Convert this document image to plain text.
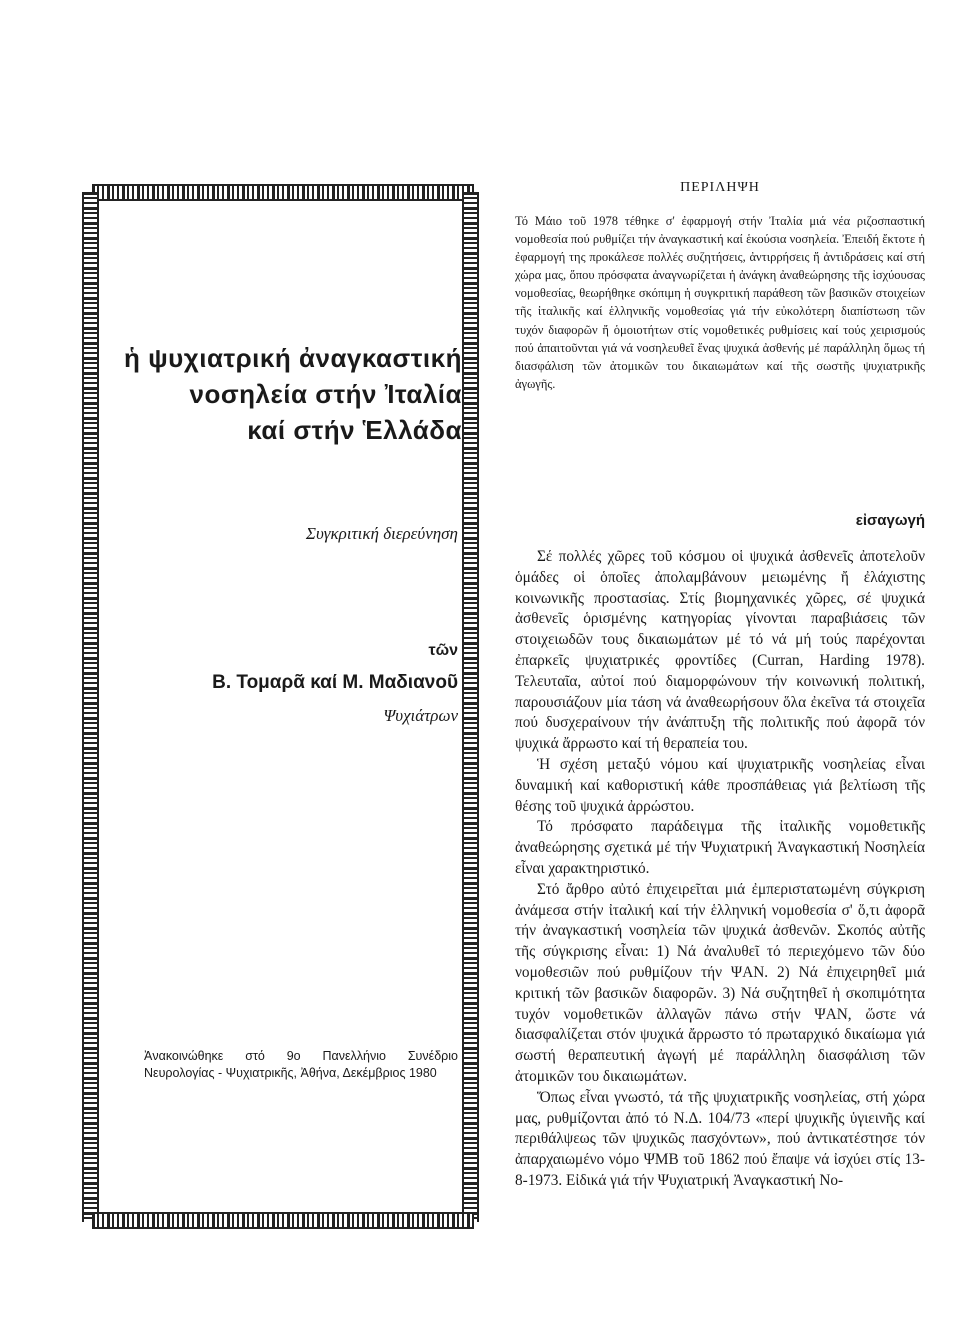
ἡ ψυχιατρική ἀναγκαστική
νοσηλεία στήν Ἰταλία
καί στήν Ἑλλάδα
Συγκριτική διερεύνηση
τῶν
Β. Τομαρᾶ καί Μ. Μαδιανοῦ
Ψυχιάτρων
Ἀνακοινώθηκε στό 9ο Πανελλήνιο Συνέδριο Νευρολογίας - Ψυχιατρικῆς, Ἀθήνα, Δεκέμβριος 1980
ΠΕΡΙΛΗΨΗ
Τό Μάιο τοῦ 1978 τέθηκε σ' ἐφαρμογή στήν Ἰταλία μιά νέα ριζοσπαστική νομοθεσία πού ρυθμίζει τήν ἀναγκαστική καί ἑκούσια νοσηλεία. Ἐπειδή ἔκτοτε ἡ ἐφαρμογή της προκάλεσε πολλές συζητήσεις, ἀντιρρήσεις ἤ ἀντιδράσεις καί στή χώρα μας, ὅπου πρόσφατα ἀναγνωρίζεται ἡ ἀνάγκη ἀναθεώρησης τῆς ἰσχύουσας νομοθεσίας, θεωρήθηκε σκόπιμη ἡ συγκριτική παράθεση τῶν βασικῶν στοιχείων τῆς ἰταλικῆς καί ἑλληνικῆς νομοθεσίας γιά τήν εὐκολότερη διαπίστωση τῶν τυχόν διαφορῶν ἤ ὁμοιοτήτων στίς νομοθετικές ρυθμίσεις καί τούς χειρισμούς πού ἀπαιτοῦνται γιά νά νοσηλευθεῖ ἕνας ψυχικά ἀσθενής μέ παράλληλη ὅμως τή διασφάλιση τῶν ἀτομικῶν του δικαιωμάτων καί τῆς σωστῆς ψυχιατρικῆς ἀγωγῆς.
εἰσαγωγή

Σέ πολλές χῶρες τοῦ κόσμου οἱ ψυχικά ἀσθενεῖς ἀποτελοῦν ὁμάδες οἱ ὁποῖες ἀπολαμβάνουν μειωμένης ἤ ἐλάχιστης κοινωνικῆς προστασίας. Στίς βιομηχανικές χῶρες, σέ ψυχικά ἀσθενεῖς ὁρισμένης κατηγορίας γίνονται παραβιάσεις τῶν στοιχειωδῶν τους δικαιωμάτων μέ τό νά μή τούς παρέχονται ἐπαρκεῖς ψυχιατρικές φροντίδες (Curran, Harding 1978). Τελευταῖα, αὐτοί πού διαμορφώνουν τήν κοινωνική πολιτική, παρουσιάζουν μία τάση νά ἀναθεωρήσουν ὅλα ἐκεῖνα τά στοιχεῖα πού δυσχεραίνουν τήν ἀνάπτυξη τῆς πολιτικῆς πού ἀφορᾶ τόν ψυχικά ἄρρωστο καί τή θεραπεία του.

Ἡ σχέση μεταξύ νόμου καί ψυχιατρικῆς νοσηλείας εἶναι δυναμική καί καθοριστική κάθε προσπάθειας γιά βελτίωση τῆς θέσης τοῦ ψυχικά ἀρρώστου.

Τό πρόσφατο παράδειγμα τῆς ἰταλικῆς νομοθετικῆς ἀναθεώρησης σχετικά μέ τήν Ψυχιατρική Ἀναγκαστική Νοσηλεία εἶναι χαρακτηριστικό.

Στό ἄρθρο αὐτό ἐπιχειρεῖται μιά ἐμπεριστατωμένη σύγκριση ἀνάμεσα στήν ἰταλική καί τήν ἑλληνική νομοθεσία σ' ὅ,τι ἀφορᾶ τήν ἀναγκαστική νοσηλεία τῶν ψυχικά ἀσθενῶν. Σκοπός αὐτῆς τῆς σύγκρισης εἶναι: 1) Νά ἀναλυθεῖ τό περιεχόμενο τῶν δύο νομοθεσιῶν πού ρυθμίζουν τήν ΨΑΝ. 2) Νά ἐπιχειρηθεῖ μιά κριτική τῶν βασικῶν διαφορῶν. 3) Νά συζητηθεῖ ἡ σκοπιμότητα τυχόν νομοθετικῶν ἀλλαγῶν πάνω στήν ΨΑΝ, ὥστε νά διασφαλίζεται στόν ψυχικά ἄρρωστο τό πρωταρχικό δικαίωμα γιά σωστή θεραπευτική ἀγωγή μέ παράλληλη διασφάλιση τῶν ἀτομικῶν του δικαιωμάτων.

Ὅπως εἶναι γνωστό, τά τῆς ψυχιατρικῆς νοσηλείας, στή χώρα μας, ρυθμίζονται ἀπό τό Ν.Δ. 104/73 «περί ψυχικῆς ὑγιεινῆς καί περιθάλψεως τῶν ψυχικῶς πασχόντων», πού ἀντικατέστησε τόν ἀπαρχαιωμένο νόμο ΨΜΒ τοῦ 1862 πού ἔπαψε νά ἰσχύει στίς 13-8-1973. Εἰδικά γιά τήν Ψυχιατρική Ἀναγκαστική Νο-
